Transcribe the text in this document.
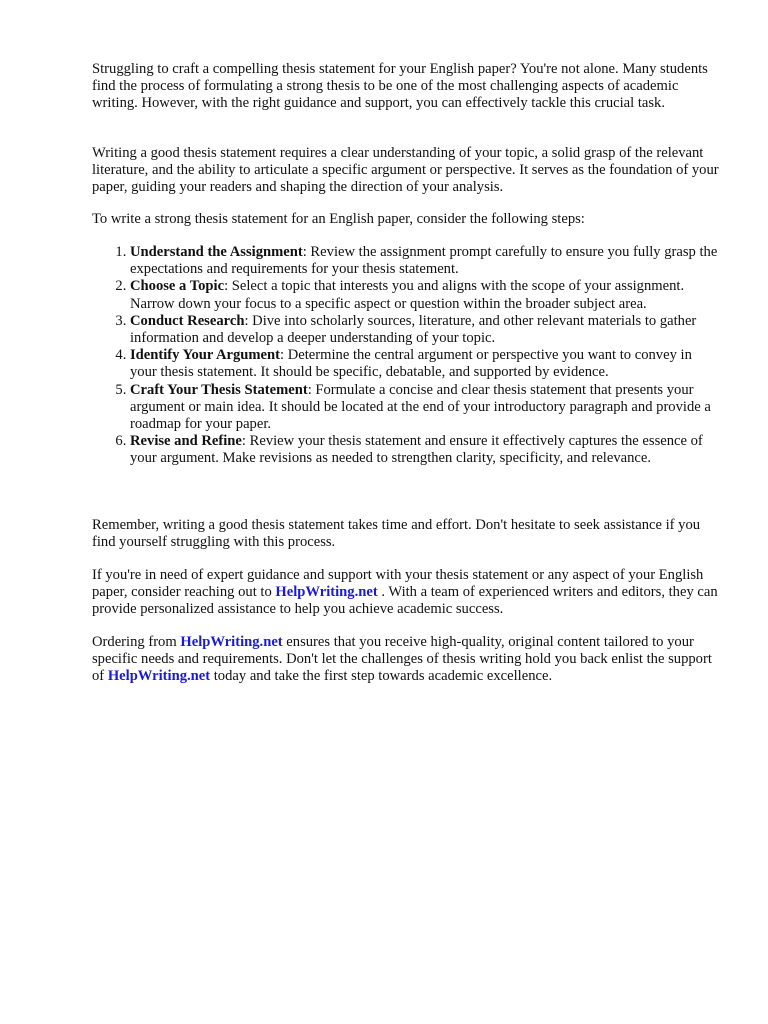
Struggling to craft a compelling thesis statement for your English paper? You're not alone. Many students find the process of formulating a strong thesis to be one of the most challenging aspects of academic writing. However, with the right guidance and support, you can effectively tackle this crucial task.

Writing a good thesis statement requires a clear understanding of your topic, a solid grasp of the relevant literature, and the ability to articulate a specific argument or perspective. It serves as the foundation of your paper, guiding your readers and shaping the direction of your analysis.

To write a strong thesis statement for an English paper, consider the following steps:

1. Understand the Assignment: Review the assignment prompt carefully to ensure you fully grasp the expectations and requirements for your thesis statement.
2. Choose a Topic: Select a topic that interests you and aligns with the scope of your assignment. Narrow down your focus to a specific aspect or question within the broader subject area.
3. Conduct Research: Dive into scholarly sources, literature, and other relevant materials to gather information and develop a deeper understanding of your topic.
4. Identify Your Argument: Determine the central argument or perspective you want to convey in your thesis statement. It should be specific, debatable, and supported by evidence.
5. Craft Your Thesis Statement: Formulate a concise and clear thesis statement that presents your argument or main idea. It should be located at the end of your introductory paragraph and provide a roadmap for your paper.
6. Revise and Refine: Review your thesis statement and ensure it effectively captures the essence of your argument. Make revisions as needed to strengthen clarity, specificity, and relevance.

Remember, writing a good thesis statement takes time and effort. Don't hesitate to seek assistance if you find yourself struggling with this process.

If you're in need of expert guidance and support with your thesis statement or any aspect of your English paper, consider reaching out to HelpWriting.net . With a team of experienced writers and editors, they can provide personalized assistance to help you achieve academic success.

Ordering from HelpWriting.net ensures that you receive high-quality, original content tailored to your specific needs and requirements. Don't let the challenges of thesis writing hold you back enlist the support of HelpWriting.net today and take the first step towards academic excellence.
